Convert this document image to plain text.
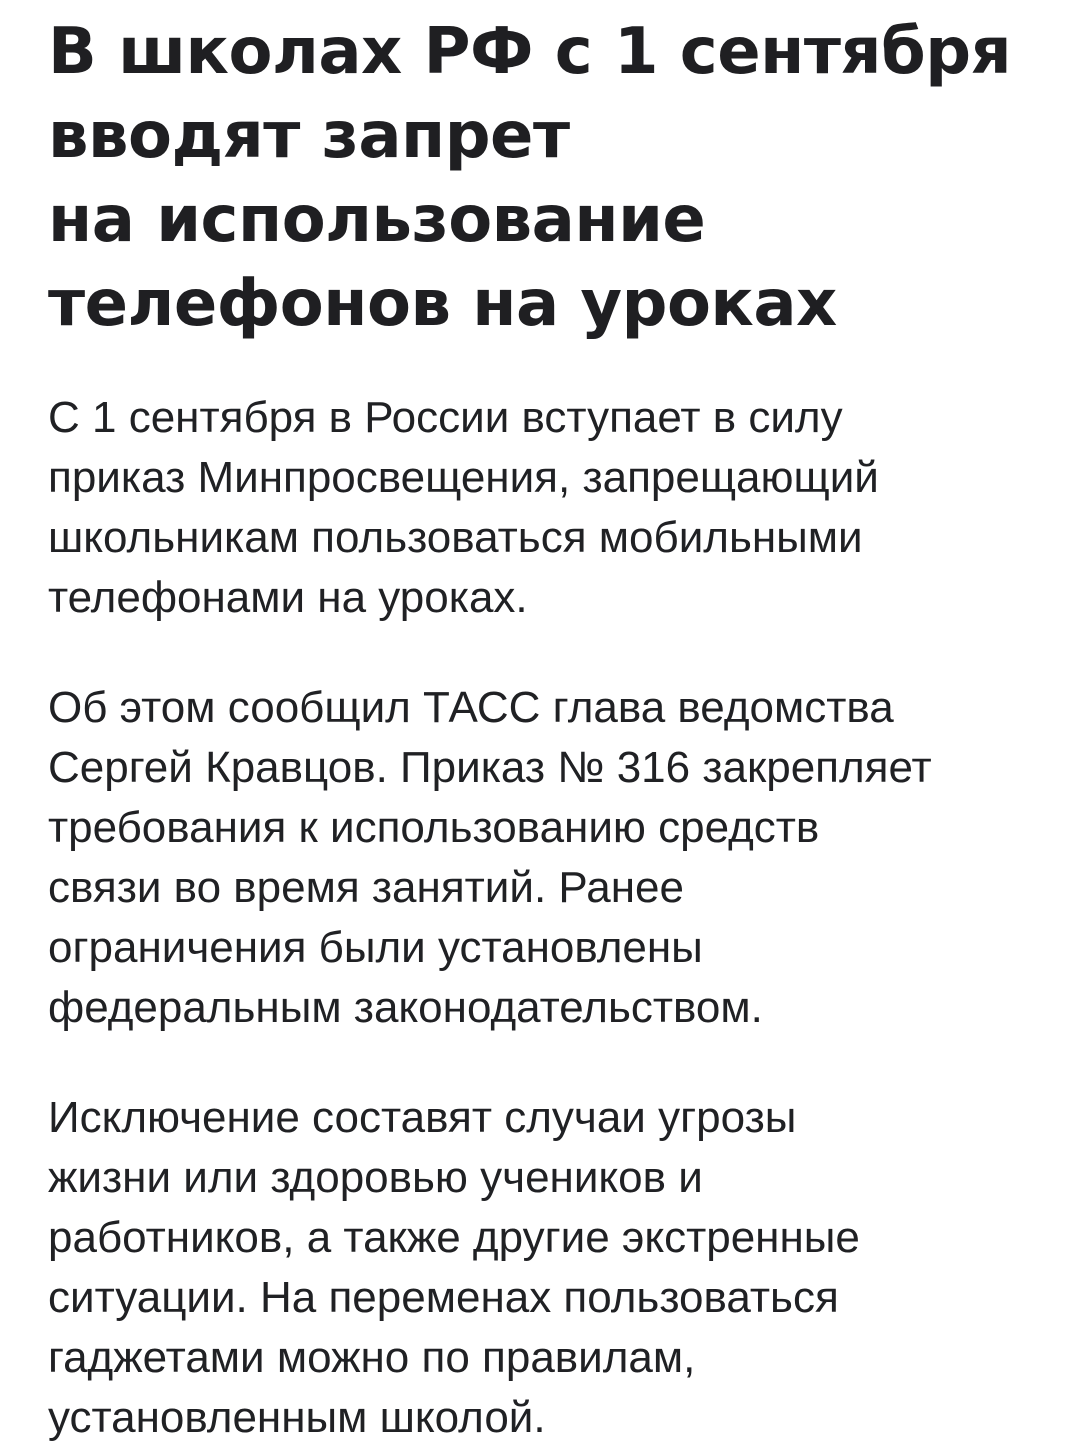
В школах РФ с 1 сентября
вводят запрет
на использование
телефонов на уроках

С 1 сентября в России вступает в силу
приказ Минпросвещения, запрещающий
школьникам пользоваться мобильными
телефонами на уроках.

Об этом сообщил ТАСС глава ведомства
Сергей Кравцов. Приказ № 316 закрепляет
требования к использованию средств
связи во время занятий. Ранее
ограничения были установлены
федеральным законодательством.

Исключение составят случаи угрозы
жизни или здоровью учеников и
работников, а также другие экстренные
ситуации. На переменах пользоваться
гаджетами можно по правилам,
установленным школой.
